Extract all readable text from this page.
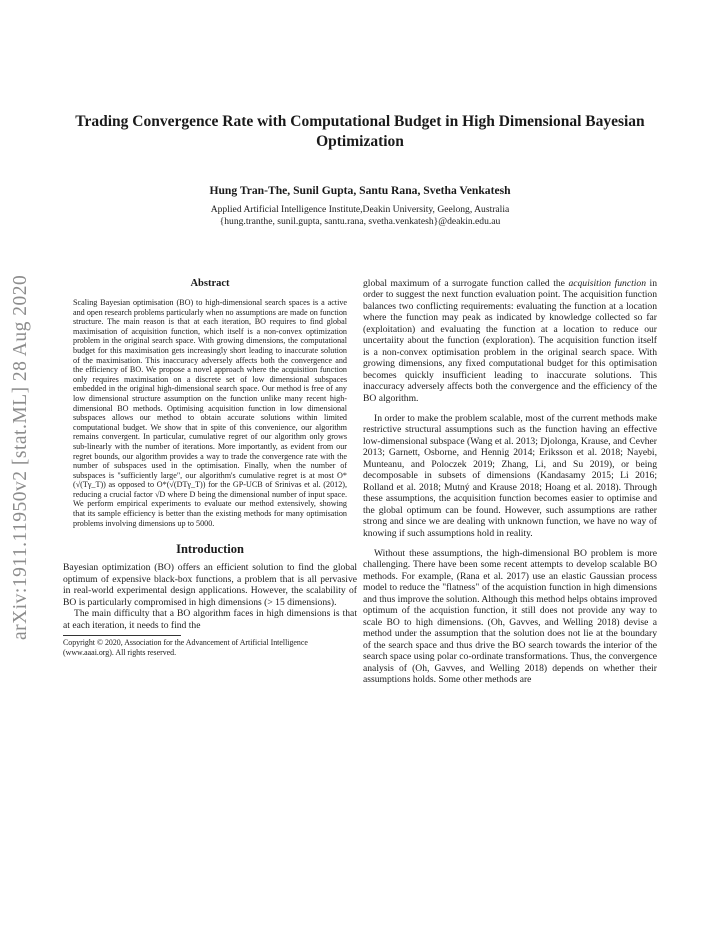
arXiv:1911.11950v2 [stat.ML] 28 Aug 2020
Trading Convergence Rate with Computational Budget in High Dimensional Bayesian Optimization
Hung Tran-The, Sunil Gupta, Santu Rana, Svetha Venkatesh
Applied Artificial Intelligence Institute,Deakin University, Geelong, Australia
{hung.tranthe, sunil.gupta, santu.rana, svetha.venkatesh}@deakin.edu.au
Abstract

Scaling Bayesian optimisation (BO) to high-dimensional search spaces is a active and open research problems particularly when no assumptions are made on function structure. The main reason is that at each iteration, BO requires to find global maximisation of acquisition function, which itself is a non-convex optimization problem in the original search space. With growing dimensions, the computational budget for this maximisation gets increasingly short leading to inaccurate solution of the maximisation. This inaccuracy adversely affects both the convergence and the efficiency of BO. We propose a novel approach where the acquisition function only requires maximisation on a discrete set of low dimensional subspaces embedded in the original high-dimensional search space. Our method is free of any low dimensional structure assumption on the function unlike many recent high-dimensional BO methods. Optimising acquisition function in low dimensional subspaces allows our method to obtain accurate solutions within limited computational budget. We show that in spite of this convenience, our algorithm remains convergent. In particular, cumulative regret of our algorithm only grows sub-linearly with the number of iterations. More importantly, as evident from our regret bounds, our algorithm provides a way to trade the convergence rate with the number of subspaces used in the optimisation. Finally, when the number of subspaces is "sufficiently large", our algorithm's cumulative regret is at most O*(√(Tγ_T)) as opposed to O*(√(DTγ_T)) for the GP-UCB of Srinivas et al. (2012), reducing a crucial factor √D where D being the dimensional number of input space. We perform empirical experiments to evaluate our method extensively, showing that its sample efficiency is better than the existing methods for many optimisation problems involving dimensions up to 5000.

Introduction

Bayesian optimization (BO) offers an efficient solution to find the global optimum of expensive black-box functions, a problem that is all pervasive in real-world experimental design applications. However, the scalability of BO is particularly compromised in high dimensions (> 15 dimensions).

The main difficulty that a BO algorithm faces in high dimensions is that at each iteration, it needs to find the

Copyright © 2020, Association for the Advancement of Artificial Intelligence (www.aaai.org). All rights reserved.

global maximum of a surrogate function called the acquisition function in order to suggest the next function evaluation point. The acquisition function balances two conflicting requirements: evaluating the function at a location where the function may peak as indicated by knowledge collected so far (exploitation) and evaluating the function at a location to reduce our uncertaiity about the function (exploration). The acquisition function itself is a non-convex optimisation problem in the original search space. With growing dimensions, any fixed computational budget for this optimisation becomes quickly insufficient leading to inaccurate solutions. This inaccuracy adversely affects both the convergence and the efficiency of the BO algorithm.

In order to make the problem scalable, most of the current methods make restrictive structural assumptions such as the function having an effective low-dimensional subspace (Wang et al. 2013; Djolonga, Krause, and Cevher 2013; Garnett, Osborne, and Hennig 2014; Eriksson et al. 2018; Nayebi, Munteanu, and Poloczek 2019; Zhang, Li, and Su 2019), or being decomposable in subsets of dimensions (Kandasamy 2015; Li 2016; Rolland et al. 2018; Mutný and Krause 2018; Hoang et al. 2018). Through these assumptions, the acquisition function becomes easier to optimise and the global optimum can be found. However, such assumptions are rather strong and since we are dealing with unknown function, we have no way of knowing if such assumptions hold in reality.

Without these assumptions, the high-dimensional BO problem is more challenging. There have been some recent attempts to develop scalable BO methods. For example, (Rana et al. 2017) use an elastic Gaussian process model to reduce the "flatness" of the acquistion function in high dimensions and thus improve the solution. Although this method helps obtains improved optimum of the acquistion function, it still does not provide any way to scale BO to high dimensions. (Oh, Gavves, and Welling 2018) devise a method under the assumption that the solution does not lie at the boundary of the search space and thus drive the BO search towards the interior of the search space using polar co-ordinate transformations. Thus, the convergence analysis of (Oh, Gavves, and Welling 2018) depends on whether their assumptions holds. Some other methods are
